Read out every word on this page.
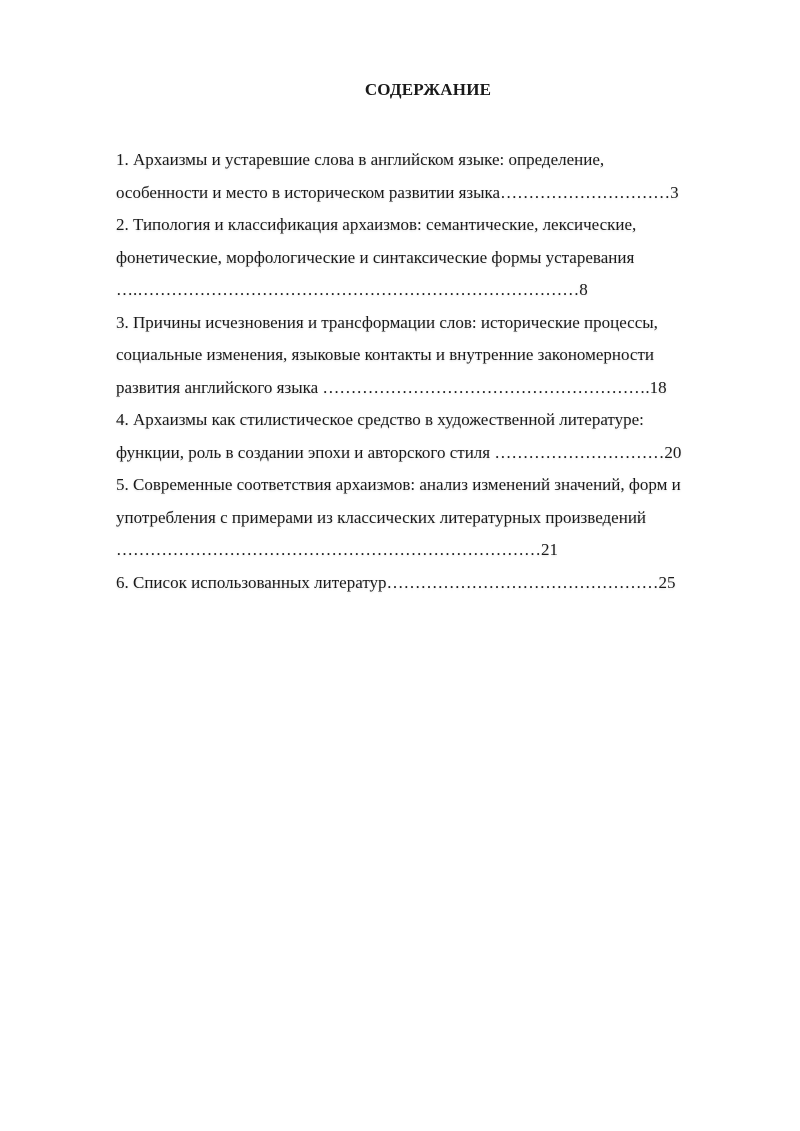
СОДЕРЖАНИЕ
1. Архаизмы и устаревшие слова в английском языке: определение,
особенности и место в историческом развитии языка…………………………3
2. Типология и классификация архаизмов: семантические, лексические,
фонетические, морфологические и синтаксические формы устаревания
….……………………………………………………………………8
3. Причины исчезновения и трансформации слов: исторические процессы,
социальные изменения, языковые контакты и внутренние закономерности
развития английского языка ………………………………………………….18
4. Архаизмы как стилистическое средство в художественной литературе:
функции, роль в создании эпохи и авторского стиля …………………………20
5. Современные соответствия архаизмов: анализ изменений значений, форм и
употребления с примерами из классических литературных произведений
…………………………………………………………………21
6. Список использованных литератур…………………………………………25
